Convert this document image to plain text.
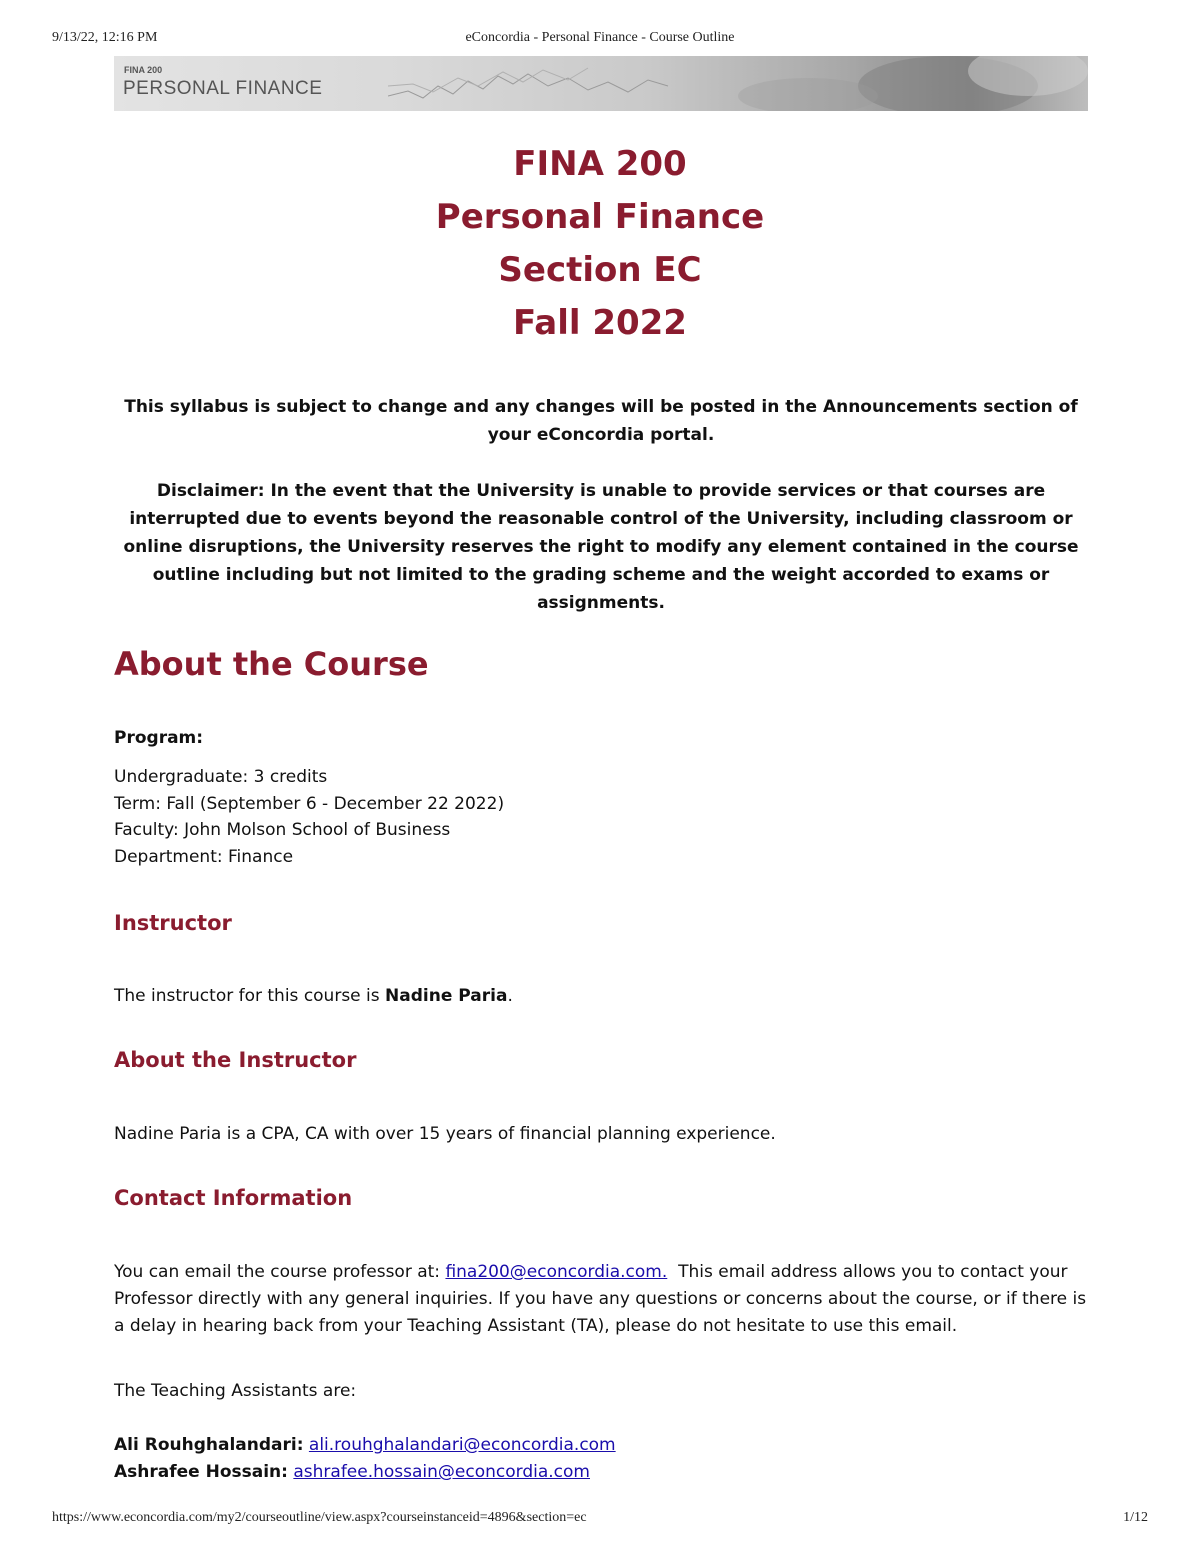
9/13/22, 12:16 PM	eConcordia - Personal Finance - Course Outline
FINA 200
PERSONAL FINANCE
FINA 200
Personal Finance
Section EC
Fall 2022
This syllabus is subject to change and any changes will be posted in the Announcements section of your eConcordia portal.
Disclaimer: In the event that the University is unable to provide services or that courses are interrupted due to events beyond the reasonable control of the University, including classroom or online disruptions, the University reserves the right to modify any element contained in the course outline including but not limited to the grading scheme and the weight accorded to exams or assignments.
About the Course
Program:
Undergraduate: 3 credits
Term: Fall (September 6 - December 22 2022)
Faculty: John Molson School of Business
Department: Finance
Instructor
The instructor for this course is Nadine Paria.
About the Instructor
Nadine Paria is a CPA, CA with over 15 years of financial planning experience.
Contact Information
You can email the course professor at: fina200@econcordia.com.  This email address allows you to contact your Professor directly with any general inquiries. If you have any questions or concerns about the course, or if there is a delay in hearing back from your Teaching Assistant (TA), please do not hesitate to use this email.
The Teaching Assistants are:
Ali Rouhghalandari: ali.rouhghalandari@econcordia.com
Ashrafee Hossain: ashrafee.hossain@econcordia.com
https://www.econcordia.com/my2/courseoutline/view.aspx?courseinstanceid=4896&section=ec	1/12
